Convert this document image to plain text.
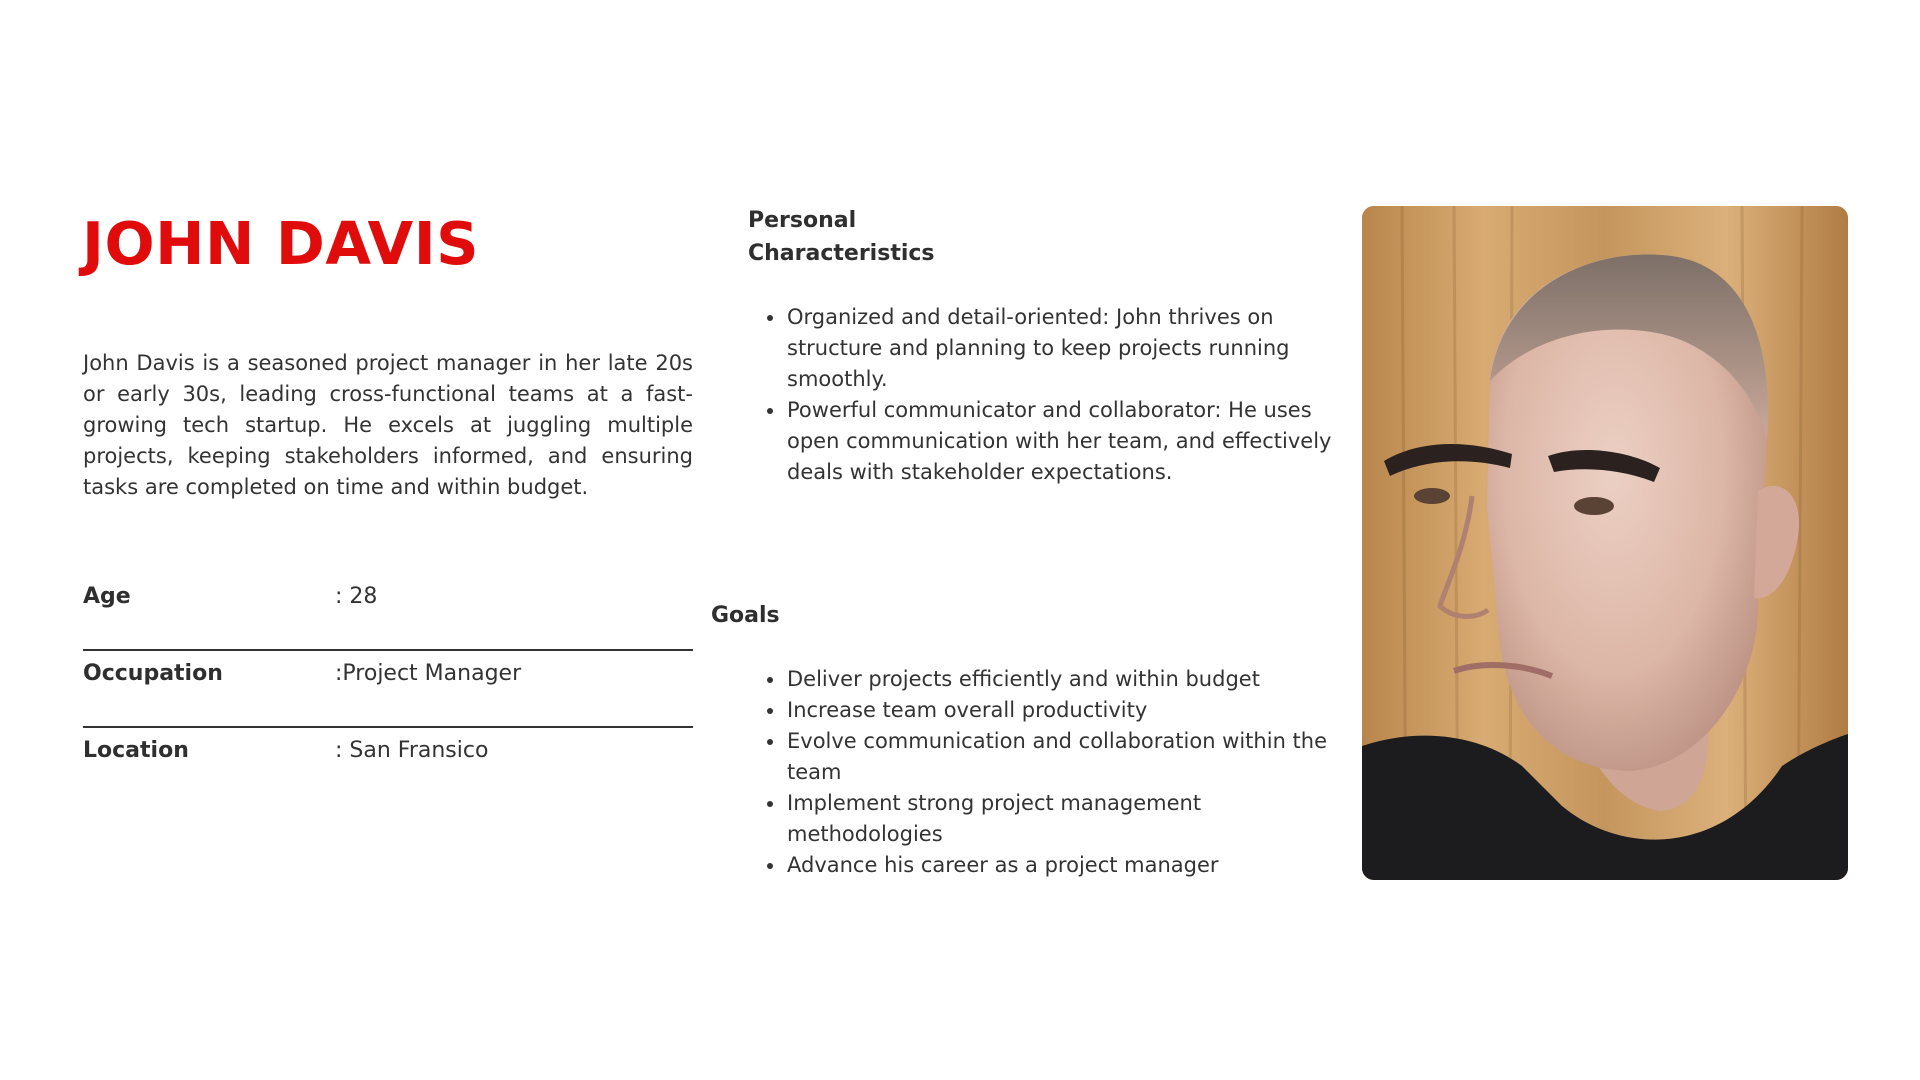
JOHN DAVIS

John Davis is a seasoned project manager in her late 20s or early 30s, leading cross-functional teams at a fast-growing tech startup. He excels at juggling multiple projects, keeping stakeholders informed, and ensuring tasks are completed on time and within budget.

Age	: 28
Occupation	:Project Manager
Location	: San Fransico
Personal
Characteristics
Organized and detail-oriented: John thrives on structure and planning to keep projects running smoothly.
Powerful communicator and collaborator: He uses open communication with her team, and effectively deals with stakeholder expectations.
Goals
Deliver projects efficiently and within budget
Increase team overall productivity
Evolve communication and collaboration within the team
Implement strong project management methodologies
Advance his career as a project manager
